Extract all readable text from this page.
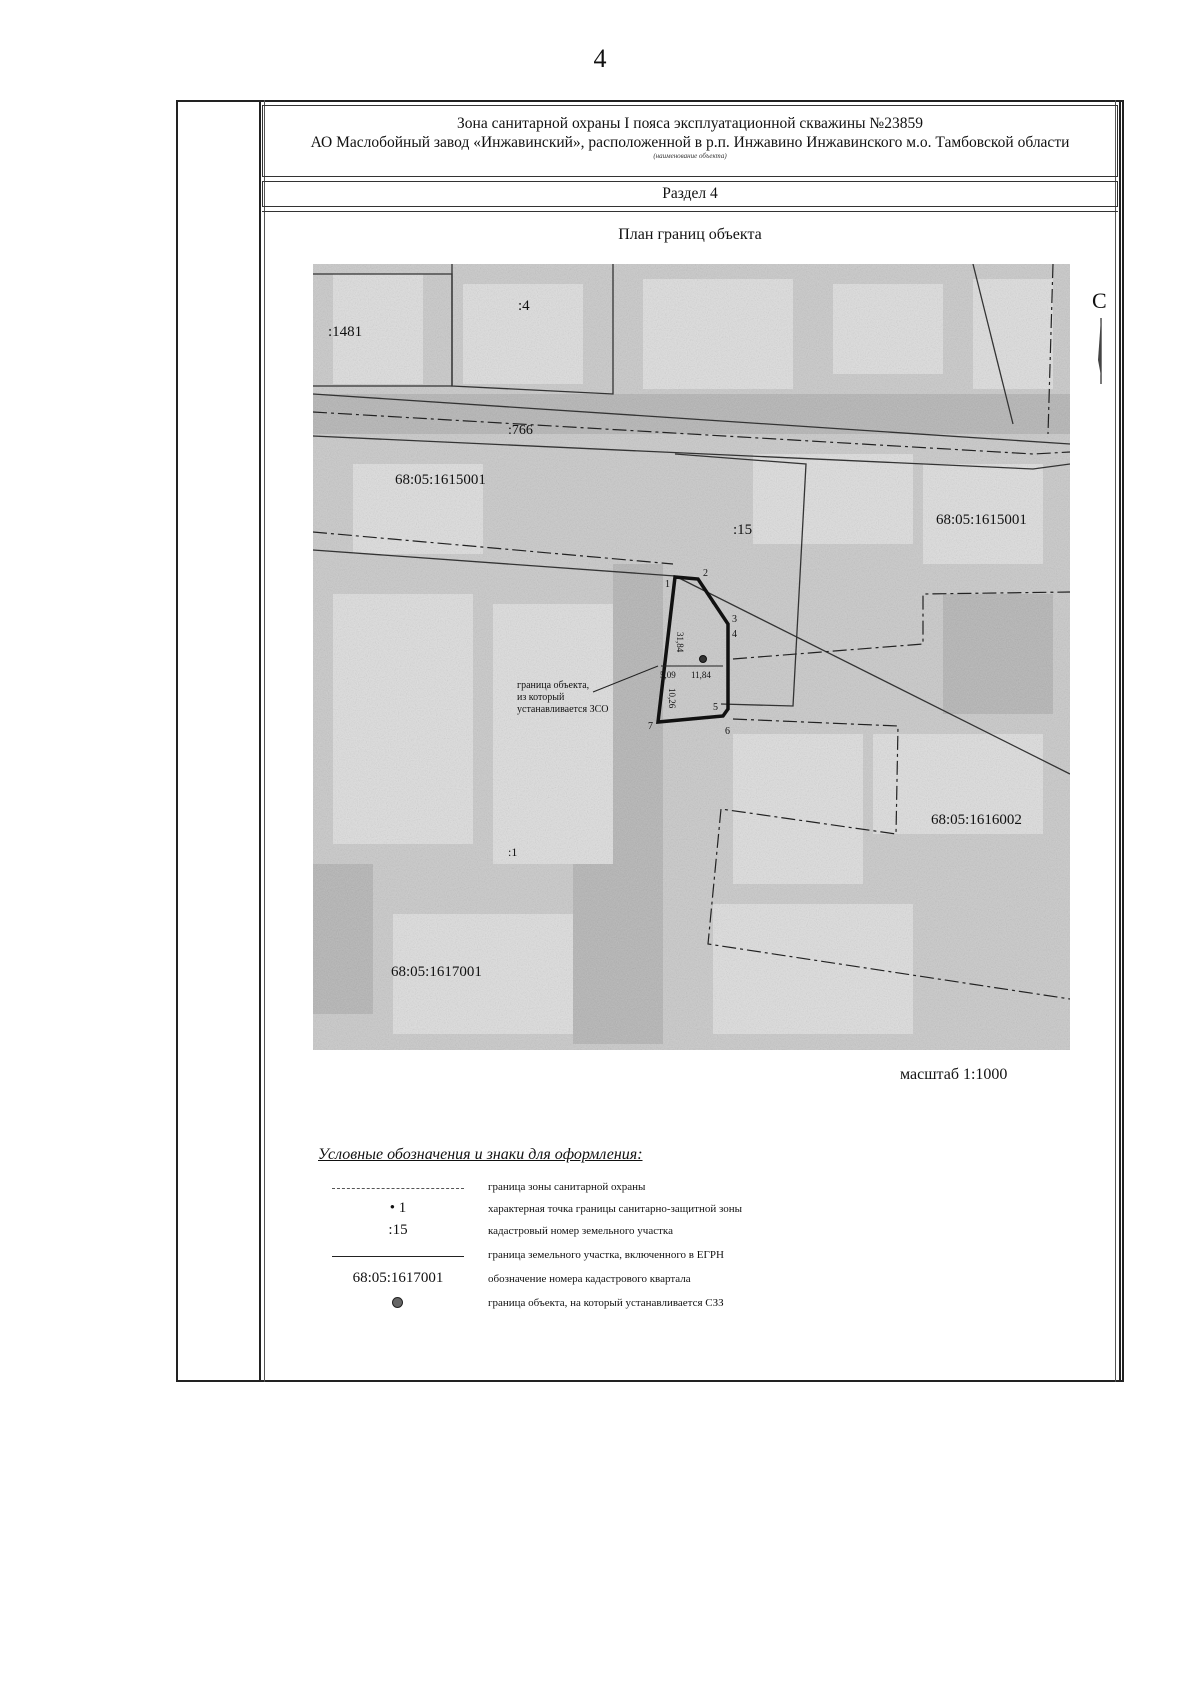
4
Зона санитарной охраны I пояса эксплуатационной скважины №23859
АО Маслобойный завод «Инжавинский», расположенной в р.п. Инжавино Инжавинского м.о. Тамбовской области
(наименование объекта)
Раздел 4
План границ объекта
:1481
:4
:766
:15
:1
68:05:1615001
68:05:1615001
68:05:1616002
68:05:1617001
1
2
3
4
5
6
7
31,84
5,09 11,84
10,26
граница объекта,
из который
устанавливается ЗСО
С
масштаб 1:1000
Условные обозначения и знаки для оформления:
граница зоны санитарной охраны
• 1	характерная точка границы санитарно-защитной зоны
:15	кадастровый номер земельного участка
граница земельного участка, включенного в ЕГРН
68:05:1617001	обозначение номера кадастрового квартала
граница объекта, на который устанавливается СЗЗ
